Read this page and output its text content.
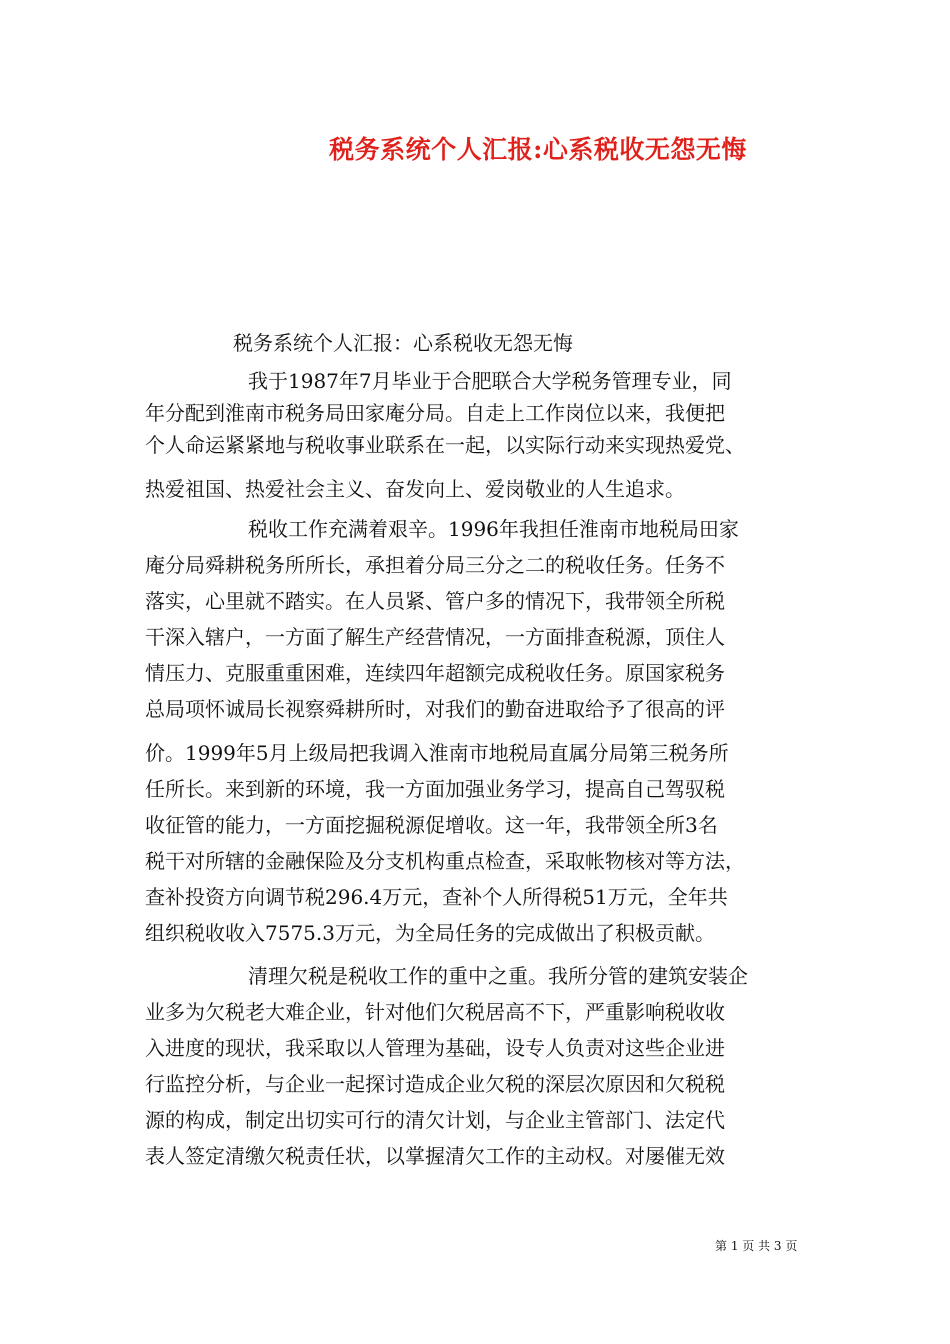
税务系统个人汇报:心系税收无怨无悔
税务系统个人汇报：心系税收无怨无悔
我于1987年7月毕业于合肥联合大学税务管理专业，同
年分配到淮南市税务局田家庵分局。自走上工作岗位以来，我便把
个人命运紧紧地与税收事业联系在一起，以实际行动来实现热爱党、
热爱祖国、热爱社会主义、奋发向上、爱岗敬业的人生追求。
税收工作充满着艰辛。1996年我担任淮南市地税局田家
庵分局舜耕税务所所长，承担着分局三分之二的税收任务。任务不
落实，心里就不踏实。在人员紧、管户多的情况下，我带领全所税
干深入辖户，一方面了解生产经营情况，一方面排查税源，顶住人
情压力、克服重重困难，连续四年超额完成税收任务。原国家税务
总局项怀诚局长视察舜耕所时，对我们的勤奋进取给予了很高的评
价。1999年5月上级局把我调入淮南市地税局直属分局第三税务所
任所长。来到新的环境，我一方面加强业务学习，提高自己驾驭税
收征管的能力，一方面挖掘税源促增收。这一年，我带领全所3名
税干对所辖的金融保险及分支机构重点检查，采取帐物核对等方法，
查补投资方向调节税296.4万元，查补个人所得税51万元，全年共
组织税收收入7575.3万元，为全局任务的完成做出了积极贡献。
清理欠税是税收工作的重中之重。我所分管的建筑安装企
业多为欠税老大难企业，针对他们欠税居高不下，严重影响税收收
入进度的现状，我采取以人管理为基础，设专人负责对这些企业进
行监控分析，与企业一起探讨造成企业欠税的深层次原因和欠税税
源的构成，制定出切实可行的清欠计划，与企业主管部门、法定代
表人签定清缴欠税责任状，以掌握清欠工作的主动权。对屡催无效
第 1 页 共 3 页
